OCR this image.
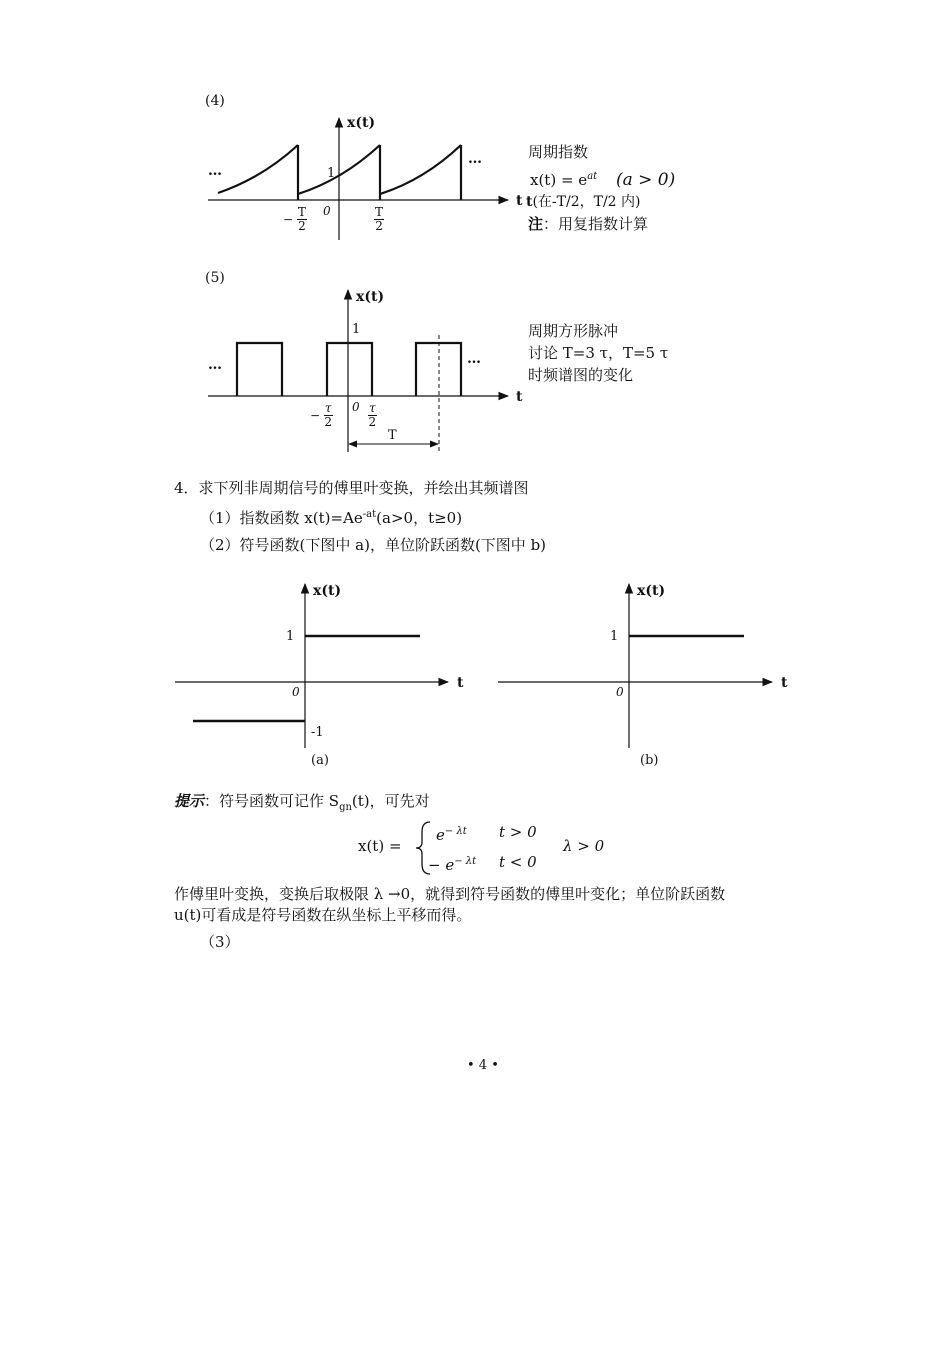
(4)
x(t)
…
…
1
0
t
− $\frac{T}{2}$	$\frac{T}{2}$
周期指数
$x(t) = e^{at}$ (a > 0)
t(在-T/2，T/2 内)
注：用复指数计算
(5)
x(t)
1
…	…
t
0
− $\frac{\tau}{2}$	$\frac{\tau}{2}$
T
周期方形脉冲
讨论 T=3 τ，T=5 τ
时频谱图的变化
4．求下列非周期信号的傅里叶变换，并绘出其频谱图
（1）指数函数 $x(t)=Ae^{-at}(a>0$，t≥0)
（2）符号函数(下图中 a)，单位阶跃函数(下图中 b)
x(t)
1
0
t
-1
(a)
x(t)
1
0
t
(b)
提示：符号函数可记作 $S_{gn}(t)$，可先对
x(t) =
$e^{- \lambda t}$ t > 0
− $e^{- \lambda t}$ t < 0
λ > 0
作傅里叶变换，变换后取极限 λ →0，就得到符号函数的傅里叶变化；单位阶跃函数
u(t)可看成是符号函数在纵坐标上平移而得。
（3）
• 4 •
